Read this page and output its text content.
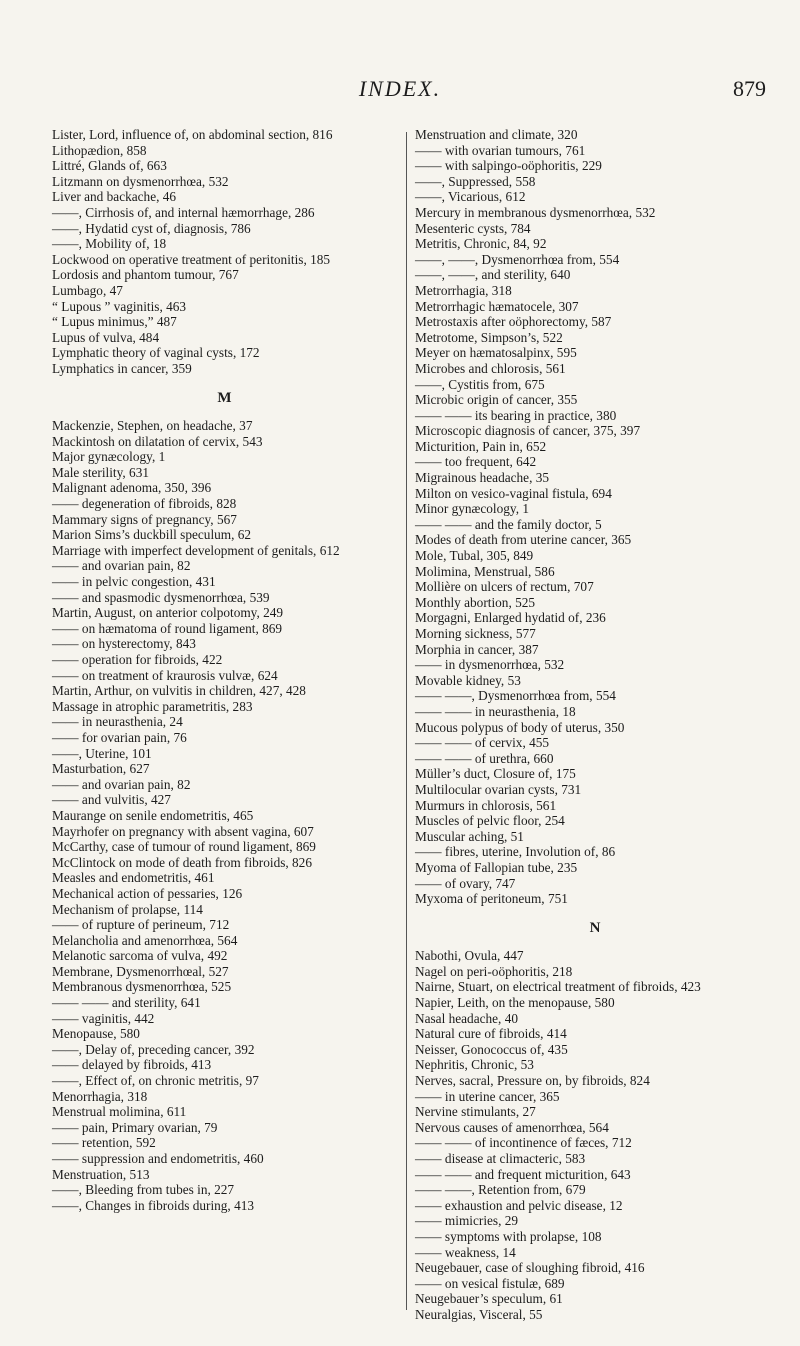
INDEX.	879
Lister, Lord, influence of, on abdominal section, 816
Lithopædion, 858
Littré, Glands of, 663
Litzmann on dysmenorrhœa, 532
Liver and backache, 46
——, Cirrhosis of, and internal hæmorrhage, 286
——, Hydatid cyst of, diagnosis, 786
——, Mobility of, 18
Lockwood on operative treatment of peritonitis, 185
Lordosis and phantom tumour, 767
Lumbago, 47
“ Lupous ” vaginitis, 463
“ Lupus minimus,” 487
Lupus of vulva, 484
Lymphatic theory of vaginal cysts, 172
Lymphatics in cancer, 359
M
Mackenzie, Stephen, on headache, 37
Mackintosh on dilatation of cervix, 543
Major gynæcology, 1
Male sterility, 631
Malignant adenoma, 350, 396
—— degeneration of fibroids, 828
Mammary signs of pregnancy, 567
Marion Sims’s duckbill speculum, 62
Marriage with imperfect development of genitals, 612
—— and ovarian pain, 82
—— in pelvic congestion, 431
—— and spasmodic dysmenorrhœa, 539
Martin, August, on anterior colpotomy, 249
—— on hæmatoma of round ligament, 869
—— on hysterectomy, 843
—— operation for fibroids, 422
—— on treatment of kraurosis vulvæ, 624
Martin, Arthur, on vulvitis in children, 427, 428
Massage in atrophic parametritis, 283
—— in neurasthenia, 24
—— for ovarian pain, 76
——, Uterine, 101
Masturbation, 627
—— and ovarian pain, 82
—— and vulvitis, 427
Maurange on senile endometritis, 465
Mayrhofer on pregnancy with absent vagina, 607
McCarthy, case of tumour of round ligament, 869
McClintock on mode of death from fibroids, 826
Measles and endometritis, 461
Mechanical action of pessaries, 126
Mechanism of prolapse, 114
—— of rupture of perineum, 712
Melancholia and amenorrhœa, 564
Melanotic sarcoma of vulva, 492
Membrane, Dysmenorrhœal, 527
Membranous dysmenorrhœa, 525
—— —— and sterility, 641
—— vaginitis, 442
Menopause, 580
——, Delay of, preceding cancer, 392
—— delayed by fibroids, 413
——, Effect of, on chronic metritis, 97
Menorrhagia, 318
Menstrual molimina, 611
—— pain, Primary ovarian, 79
—— retention, 592
—— suppression and endometritis, 460
Menstruation, 513
——, Bleeding from tubes in, 227
——, Changes in fibroids during, 413
Menstruation and climate, 320
—— with ovarian tumours, 761
—— with salpingo-oöphoritis, 229
——, Suppressed, 558
——, Vicarious, 612
Mercury in membranous dysmenorrhœa, 532
Mesenteric cysts, 784
Metritis, Chronic, 84, 92
——, ——, Dysmenorrhœa from, 554
——, ——, and sterility, 640
Metrorrhagia, 318
Metrorrhagic hæmatocele, 307
Metrostaxis after oöphorectomy, 587
Metrotome, Simpson’s, 522
Meyer on hæmatosalpinx, 595
Microbes and chlorosis, 561
——, Cystitis from, 675
Microbic origin of cancer, 355
—— —— its bearing in practice, 380
Microscopic diagnosis of cancer, 375, 397
Micturition, Pain in, 652
—— too frequent, 642
Migrainous headache, 35
Milton on vesico-vaginal fistula, 694
Minor gynæcology, 1
—— —— and the family doctor, 5
Modes of death from uterine cancer, 365
Mole, Tubal, 305, 849
Molimina, Menstrual, 586
Mollière on ulcers of rectum, 707
Monthly abortion, 525
Morgagni, Enlarged hydatid of, 236
Morning sickness, 577
Morphia in cancer, 387
—— in dysmenorrhœa, 532
Movable kidney, 53
—— ——, Dysmenorrhœa from, 554
—— —— in neurasthenia, 18
Mucous polypus of body of uterus, 350
—— —— of cervix, 455
—— —— of urethra, 660
Müller’s duct, Closure of, 175
Multilocular ovarian cysts, 731
Murmurs in chlorosis, 561
Muscles of pelvic floor, 254
Muscular aching, 51
—— fibres, uterine, Involution of, 86
Myoma of Fallopian tube, 235
—— of ovary, 747
Myxoma of peritoneum, 751
N
Nabothi, Ovula, 447
Nagel on peri-oöphoritis, 218
Nairne, Stuart, on electrical treatment of fibroids, 423
Napier, Leith, on the menopause, 580
Nasal headache, 40
Natural cure of fibroids, 414
Neisser, Gonococcus of, 435
Nephritis, Chronic, 53
Nerves, sacral, Pressure on, by fibroids, 824
—— in uterine cancer, 365
Nervine stimulants, 27
Nervous causes of amenorrhœa, 564
—— —— of incontinence of fæces, 712
—— disease at climacteric, 583
—— —— and frequent micturition, 643
—— ——, Retention from, 679
—— exhaustion and pelvic disease, 12
—— mimicries, 29
—— symptoms with prolapse, 108
—— weakness, 14
Neugebauer, case of sloughing fibroid, 416
—— on vesical fistulæ, 689
Neugebauer’s speculum, 61
Neuralgias, Visceral, 55
